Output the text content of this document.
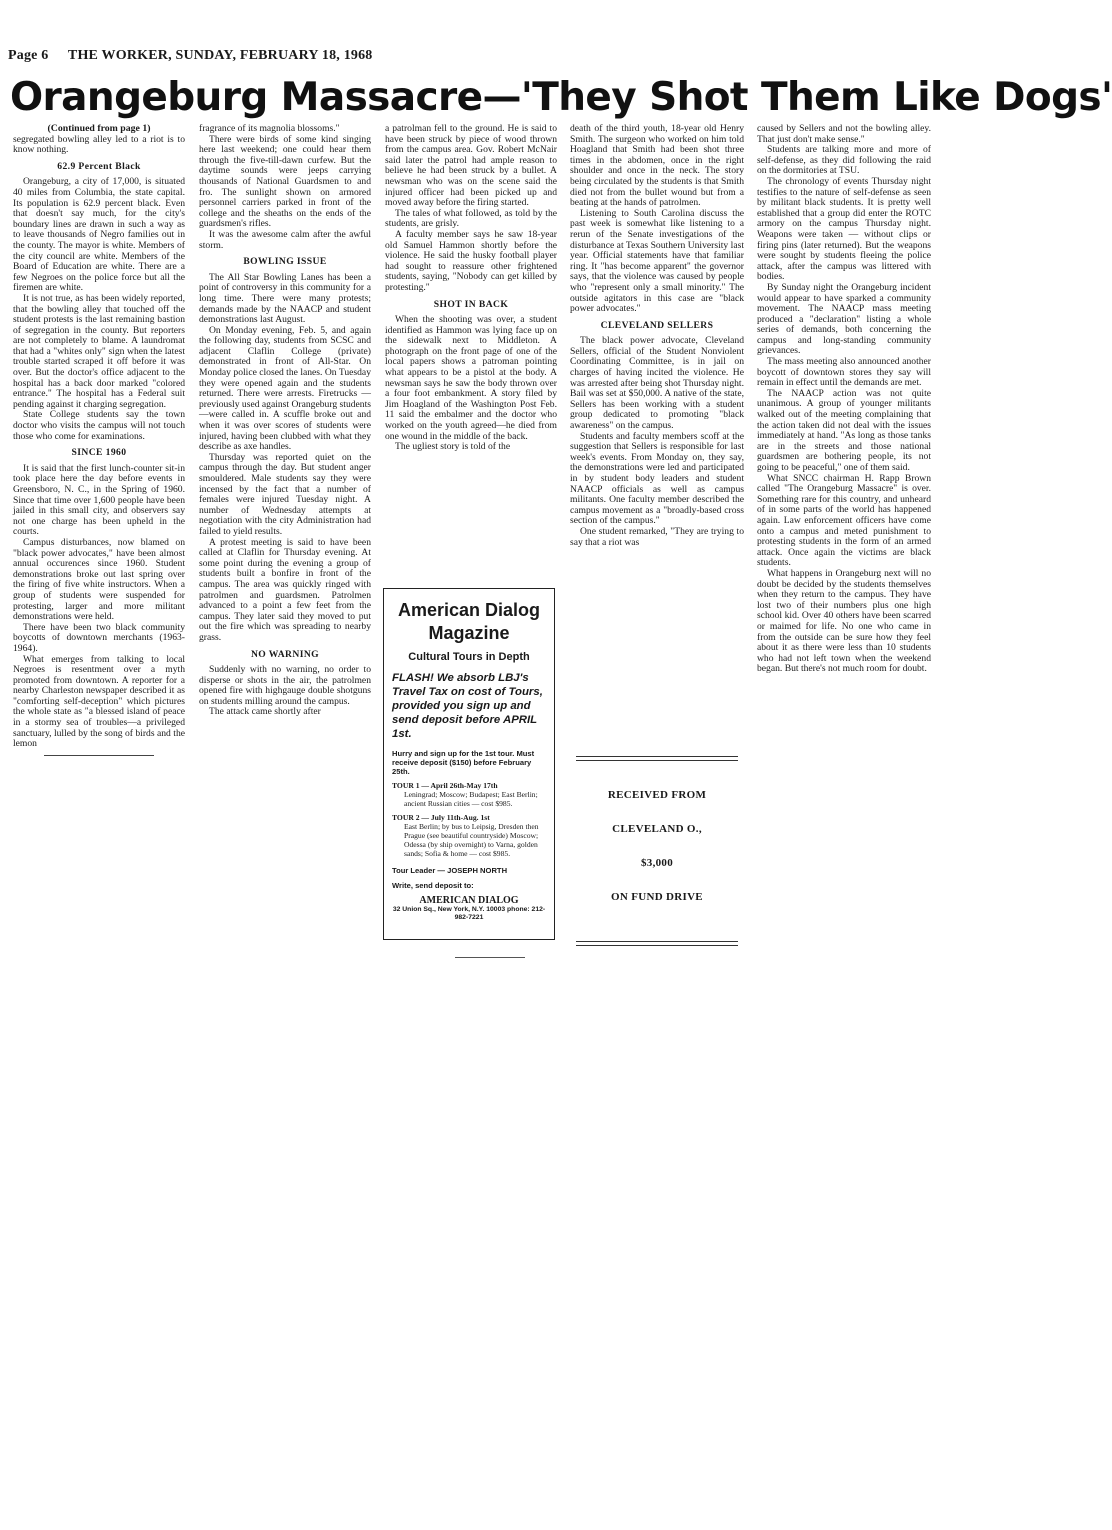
Page 6 THE WORKER, SUNDAY, FEBRUARY 18, 1968
Orangeburg Massacre—'They Shot Them Like Dogs'

(Continued from page 1)

segregated bowling alley led to a riot is to know nothing.

62.9 Percent Black

Orangeburg, a city of 17,000, is situated 40 miles from Columbia, the state capital. Its population is 62.9 percent black. Even that doesn't say much, for the city's boundary lines are drawn in such a way as to leave thousands of Negro families out in the county. The mayor is white. Members of the city council are white. Members of the Board of Education are white. There are a few Negroes on the police force but all the firemen are white.

It is not true, as has been widely reported, that the bowling alley that touched off the student protests is the last remaining bastion of segregation in the county. But reporters are not completely to blame. A laundromat that had a "whites only" sign when the latest trouble started scraped it off before it was over. But the doctor's office adjacent to the hospital has a back door marked "colored entrance." The hospital has a Federal suit pending against it charging segregation.

State College students say the town doctor who visits the campus will not touch those who come for examinations.

SINCE 1960

It is said that the first lunch-counter sit-in took place here the day before events in Greensboro, N. C., in the Spring of 1960. Since that time over 1,600 people have been jailed in this small city, and observers say not one charge has been upheld in the courts.

Campus disturbances, now blamed on "black power advocates," have been almost annual occurences since 1960. Student demonstrations broke out last spring over the firing of five white instructors. When a group of students were suspended for protesting, larger and more militant demonstrations were held.

There have been two black community boycotts of downtown merchants (1963-1964).

What emerges from talking to local Negroes is resentment over a myth promoted from downtown. A reporter for a nearby Charleston newspaper described it as "comforting self-deception" which pictures the whole state as "a blessed island of peace in a stormy sea of troubles—a privileged sanctuary, lulled by the song of birds and the lemon

fragrance of its magnolia blossoms."

There were birds of some kind singing here last weekend; one could hear them through the five-till-dawn curfew. But the daytime sounds were jeeps carrying thousands of National Guardsmen to and fro. The sunlight shown on armored personnel carriers parked in front of the college and the sheaths on the ends of the guardsmen's rifles.

It was the awesome calm after the awful storm.

BOWLING ISSUE

The All Star Bowling Lanes has been a point of controversy in this community for a long time. There were many protests; demands made by the NAACP and student demonstrations last August.

On Monday evening, Feb. 5, and again the following day, students from SCSC and adjacent Claflin College (private) demonstrated in front of All-Star. On Monday police closed the lanes. On Tuesday they were opened again and the students returned. There were arrests. Firetrucks — previously used against Orangeburg students—were called in. A scuffle broke out and when it was over scores of students were injured, having been clubbed with what they describe as axe handles.

Thursday was reported quiet on the campus through the day. But student anger smouldered. Male students say they were incensed by the fact that a number of females were injured Tuesday night. A number of Wednesday attempts at negotiation with the city Administration had failed to yield results.

A protest meeting is said to have been called at Claflin for Thursday evening. At some point during the evening a group of students built a bonfire in front of the campus. The area was quickly ringed with patrolmen and guardsmen. Patrolmen advanced to a point a few feet from the campus. They later said they moved to put out the fire which was spreading to nearby grass.

NO WARNING

Suddenly with no warning, no order to disperse or shots in the air, the patrolmen opened fire with highgauge double shotguns on students milling around the campus.

The attack came shortly after

a patrolman fell to the ground. He is said to have been struck by piece of wood thrown from the campus area. Gov. Robert McNair said later the patrol had ample reason to believe he had been struck by a bullet. A newsman who was on the scene said the injured officer had been picked up and moved away before the firing started.

The tales of what followed, as told by the students, are grisly.

A faculty member says he saw 18-year old Samuel Hammon shortly before the violence. He said the husky football player had sought to reassure other frightened students, saying, "Nobody can get killed by protesting."

SHOT IN BACK

When the shooting was over, a student identified as Hammon was lying face up on the sidewalk next to Middleton. A photograph on the front page of one of the local papers shows a patroman pointing what appears to be a pistol at the body. A newsman says he saw the body thrown over a four foot embankment. A story filed by Jim Hoagland of the Washington Post Feb. 11 said the embalmer and the doctor who worked on the youth agreed—he died from one wound in the middle of the back.

The ugliest story is told of the

death of the third youth, 18-year old Henry Smith. The surgeon who worked on him told Hoagland that Smith had been shot three times in the abdomen, once in the right shoulder and once in the neck. The story being circulated by the students is that Smith died not from the bullet wound but from a beating at the hands of patrolmen.

Listening to South Carolina discuss the past week is somewhat like listening to a rerun of the Senate investigations of the disturbance at Texas Southern University last year. Official statements have that familiar ring. It "has become apparent" the governor says, that the violence was caused by people who "represent only a small minority." The outside agitators in this case are "black power advocates."

CLEVELAND SELLERS

The black power advocate, Cleveland Sellers, official of the Student Nonviolent Coordinating Committee, is in jail on charges of having incited the violence. He was arrested after being shot Thursday night. Bail was set at $50,000. A native of the state, Sellers has been working with a student group dedicated to promoting "black awareness" on the campus.

Students and faculty members scoff at the suggestion that Sellers is responsible for last week's events. From Monday on, they say, the demonstrations were led and participated in by student body leaders and student NAACP officials as well as campus militants. One faculty member described the campus movement as a "broadly-based cross section of the campus."

One student remarked, "They are trying to say that a riot was

caused by Sellers and not the bowling alley. That just don't make sense."

Students are talking more and more of self-defense, as they did following the raid on the dormitories at TSU.

The chronology of events Thursday night testifies to the nature of self-defense as seen by militant black students. It is pretty well established that a group did enter the ROTC armory on the campus Thursday night. Weapons were taken — without clips or firing pins (later returned). But the weapons were sought by students fleeing the police attack, after the campus was littered with bodies.

By Sunday night the Orangeburg incident would appear to have sparked a community movement. The NAACP mass meeting produced a "declaration" listing a whole series of demands, both concerning the campus and long-standing community grievances.

The mass meeting also announced another boycott of downtown stores they say will remain in effect until the demands are met.

The NAACP action was not quite unanimous. A group of younger militants walked out of the meeting complaining that the action taken did not deal with the issues immediately at hand. "As long as those tanks are in the streets and those national guardsmen are bothering people, its not going to be peaceful," one of them said.

What SNCC chairman H. Rapp Brown called "The Orangeburg Massacre" is over. Something rare for this country, and unheard of in some parts of the world has happened again. Law enforcement officers have come onto a campus and meted punishment to protesting students in the form of an armed attack. Once again the victims are black students.

What happens in Orangeburg next will no doubt be decided by the students themselves when they return to the campus. They have lost two of their numbers plus one high school kid. Over 40 others have been scarred or maimed for life. No one who came in from the outside can be sure how they feel about it as there were less than 10 students who had not left town when the weekend began. But there's not much room for doubt.

American Dialog Magazine
Cultural Tours in Depth
FLASH! We absorb LBJ's Travel Tax on cost of Tours, provided you sign up and send deposit before APRIL 1st.
Hurry and sign up for the 1st tour. Must receive deposit ($150) before February 25th.
TOUR 1 — April 26th-May 17th
Leningrad; Moscow; Budapest; East Berlin; ancient Russian cities — cost $985.
TOUR 2 — July 11th-Aug. 1st
East Berlin; by bus to Leipsig, Dresden then Prague (see beautiful countryside) Moscow; Odessa (by ship overnight) to Varna, golden sands; Sofia & home — cost $985.
Tour Leader — JOSEPH NORTH
Write, send deposit to:
AMERICAN DIALOG
32 Union Sq., New York, N.Y. 10003 phone: 212-982-7221
RECEIVED FROM
CLEVELAND O.,
$3,000
ON FUND DRIVE
